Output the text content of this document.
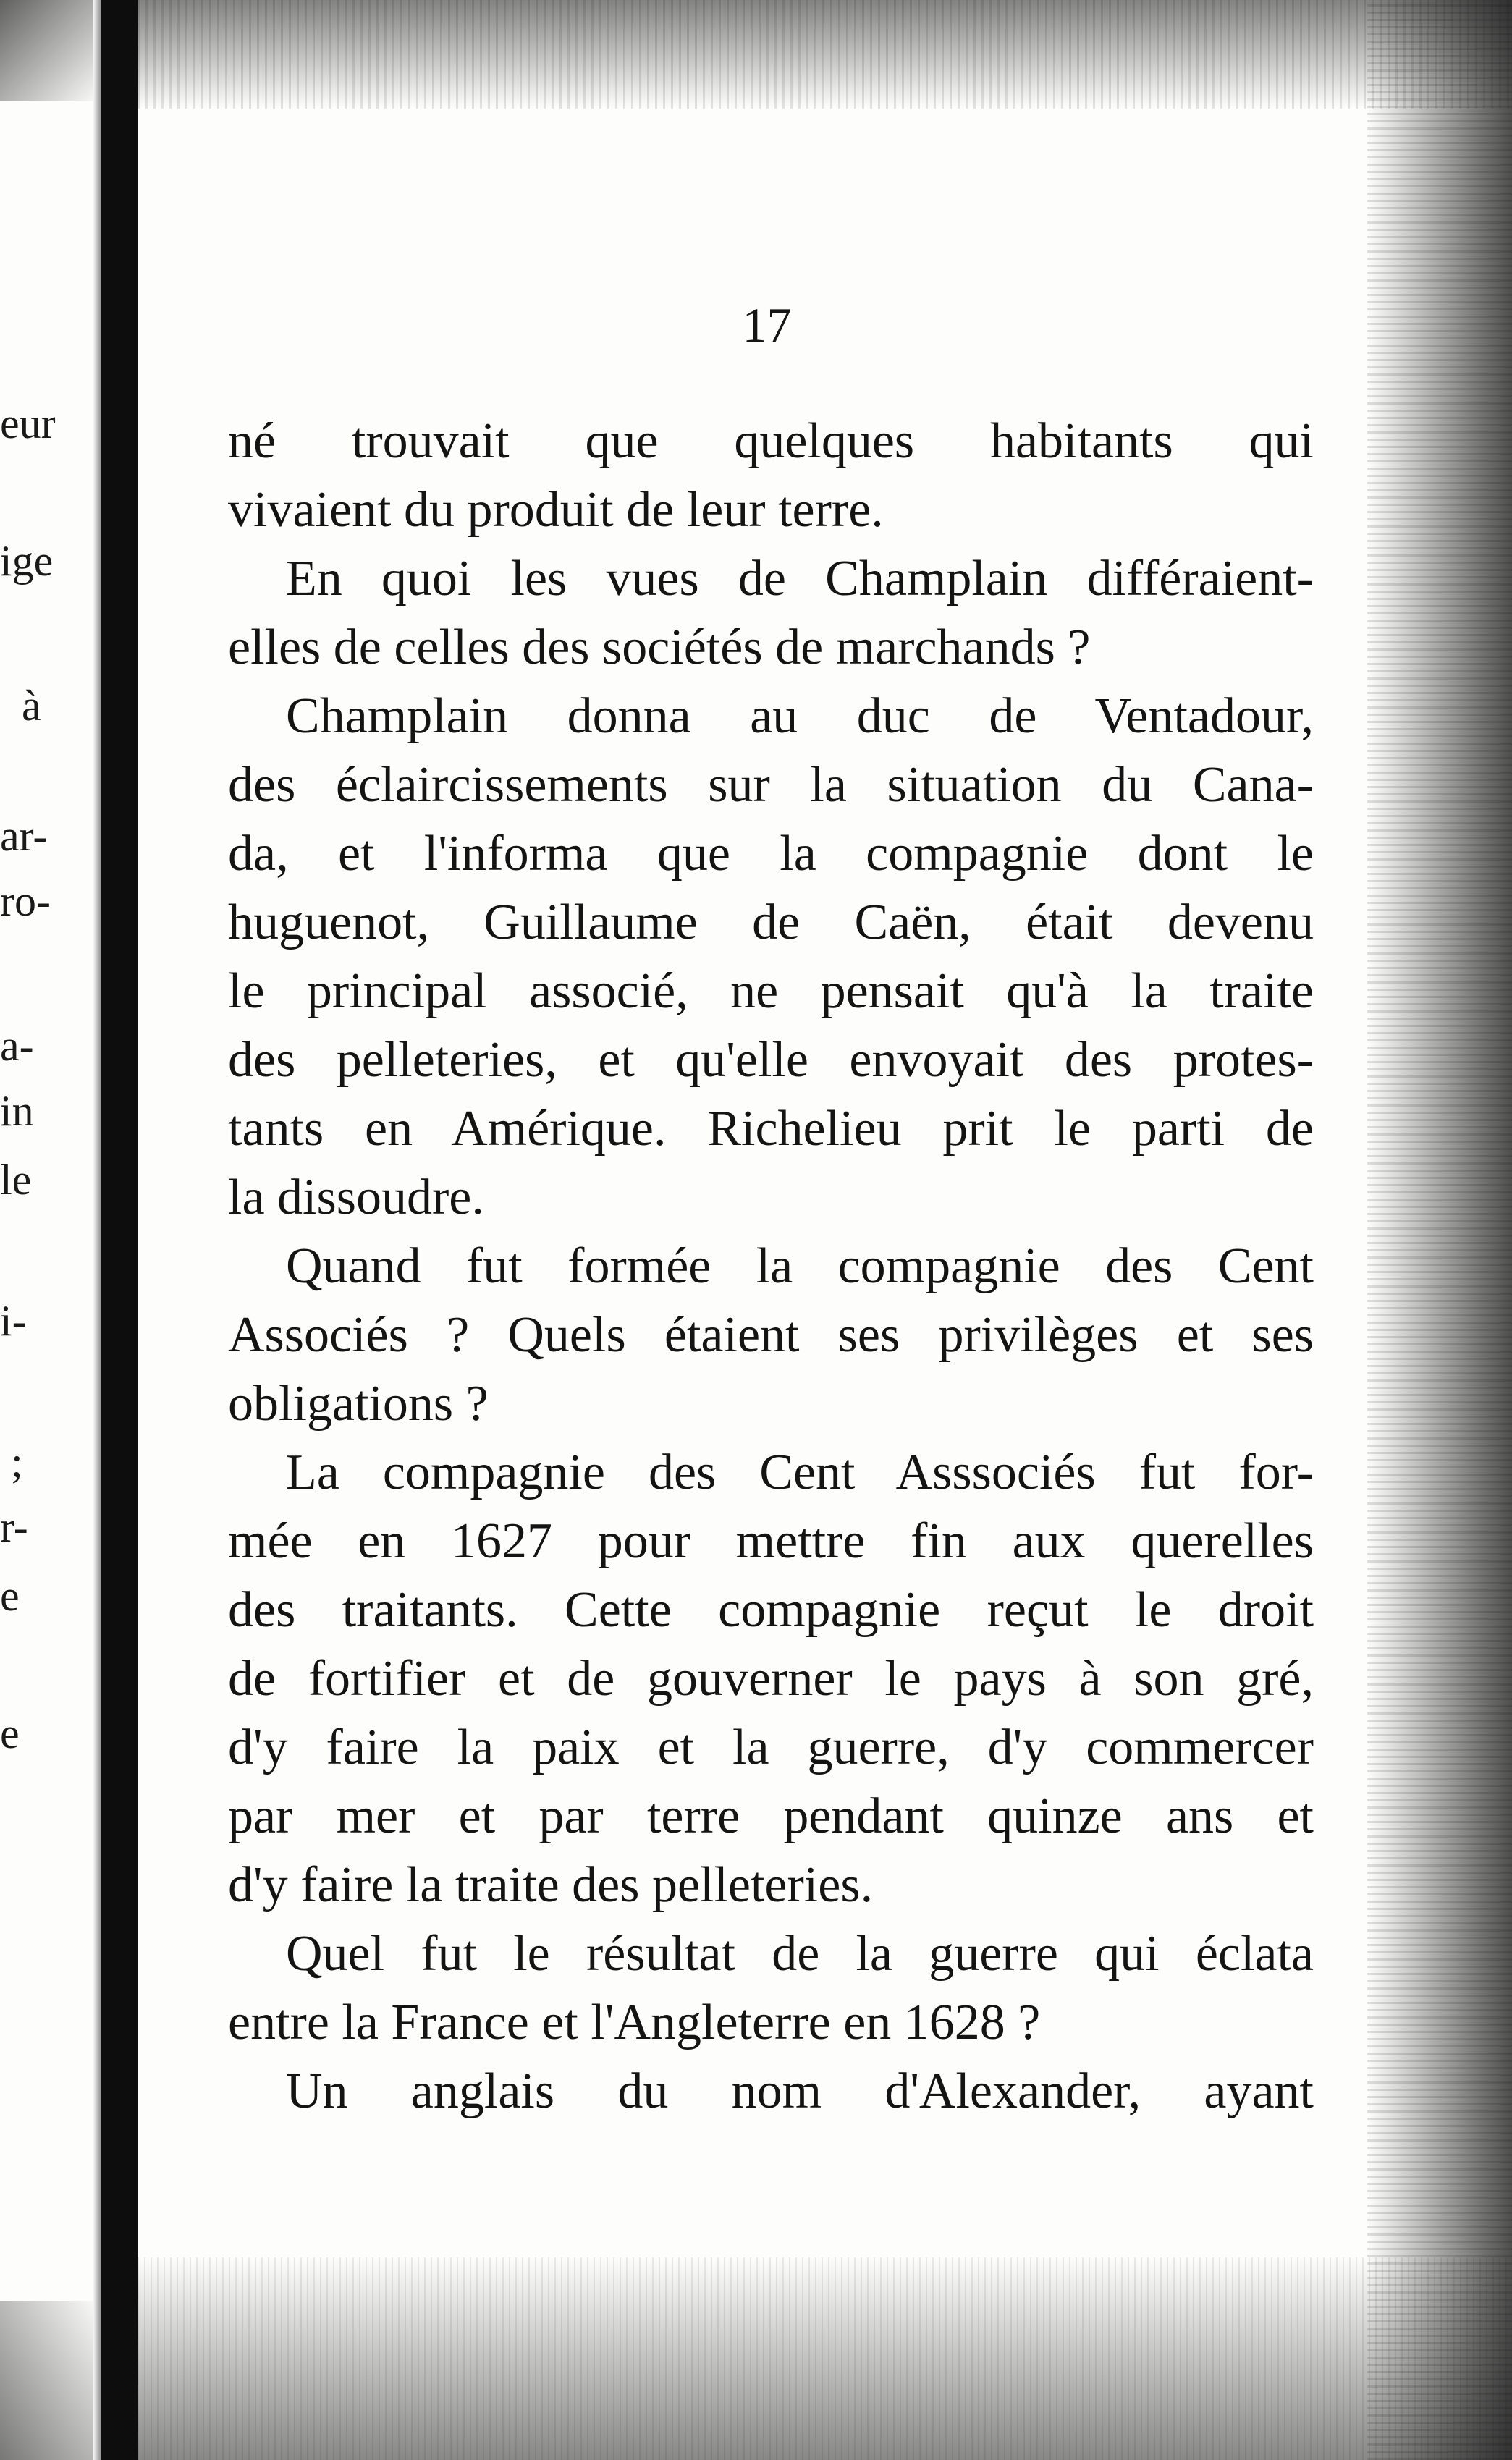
eur
ige
à
ar-
ro-
a-
in
le
i-
;
r-
e
e
17
né trouvait que quelques habitants qui
vivaient du produit de leur terre.
En quoi les vues de Champlain différaient-
elles de celles des sociétés de marchands ?
Champlain donna au duc de Ventadour,
des éclaircissements sur la situation du Cana-
da, et l'informa que la compagnie dont le
huguenot, Guillaume de Caën, était devenu
le principal associé, ne pensait qu'à la traite
des pelleteries, et qu'elle envoyait des protes-
tants en Amérique. Richelieu prit le parti de
la dissoudre.
Quand fut formée la compagnie des Cent
Associés ? Quels étaient ses privilèges et ses
obligations ?
La compagnie des Cent Asssociés fut for-
mée en 1627 pour mettre fin aux querelles
des traitants. Cette compagnie reçut le droit
de fortifier et de gouverner le pays à son gré,
d'y faire la paix et la guerre, d'y commercer
par mer et par terre pendant quinze ans et
d'y faire la traite des pelleteries.
Quel fut le résultat de la guerre qui éclata
entre la France et l'Angleterre en 1628 ?
Un anglais du nom d'Alexander, ayant
